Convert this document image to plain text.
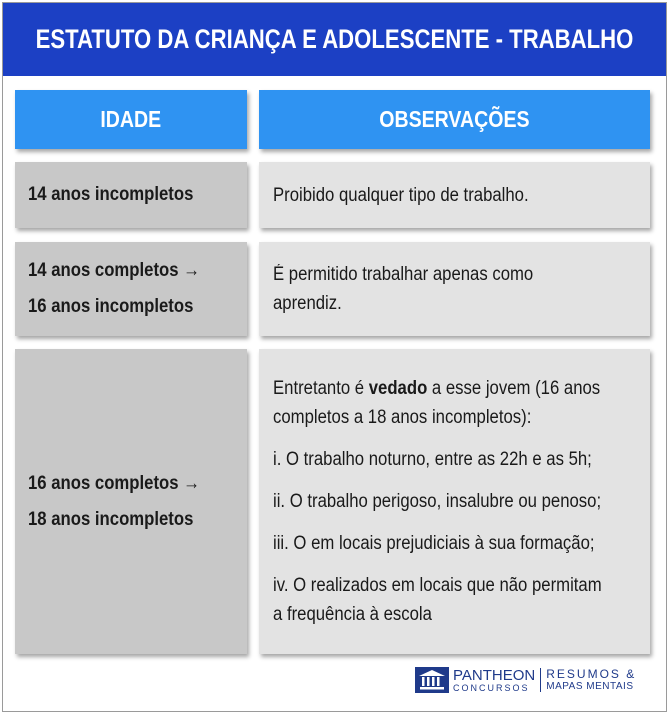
ESTATUTO DA CRIANÇA E ADOLESCENTE - TRABALHO
IDADE	OBSERVAÇÕES
14 anos incompletos	Proibido qualquer tipo de trabalho.
14 anos completos →
16 anos incompletos
É permitido trabalhar apenas como
aprendiz.
16 anos completos →
18 anos incompletos
Entretanto é vedado a esse jovem (16 anos
completos a 18 anos incompletos):
i. O trabalho noturno, entre as 22h e as 5h;
ii. O trabalho perigoso, insalubre ou penoso;
iii. O em locais prejudiciais à sua formação;
iv. O realizados em locais que não permitam
a frequência à escola
PANTHEON
CONCURSOS
RESUMOS &
MAPAS MENTAIS
